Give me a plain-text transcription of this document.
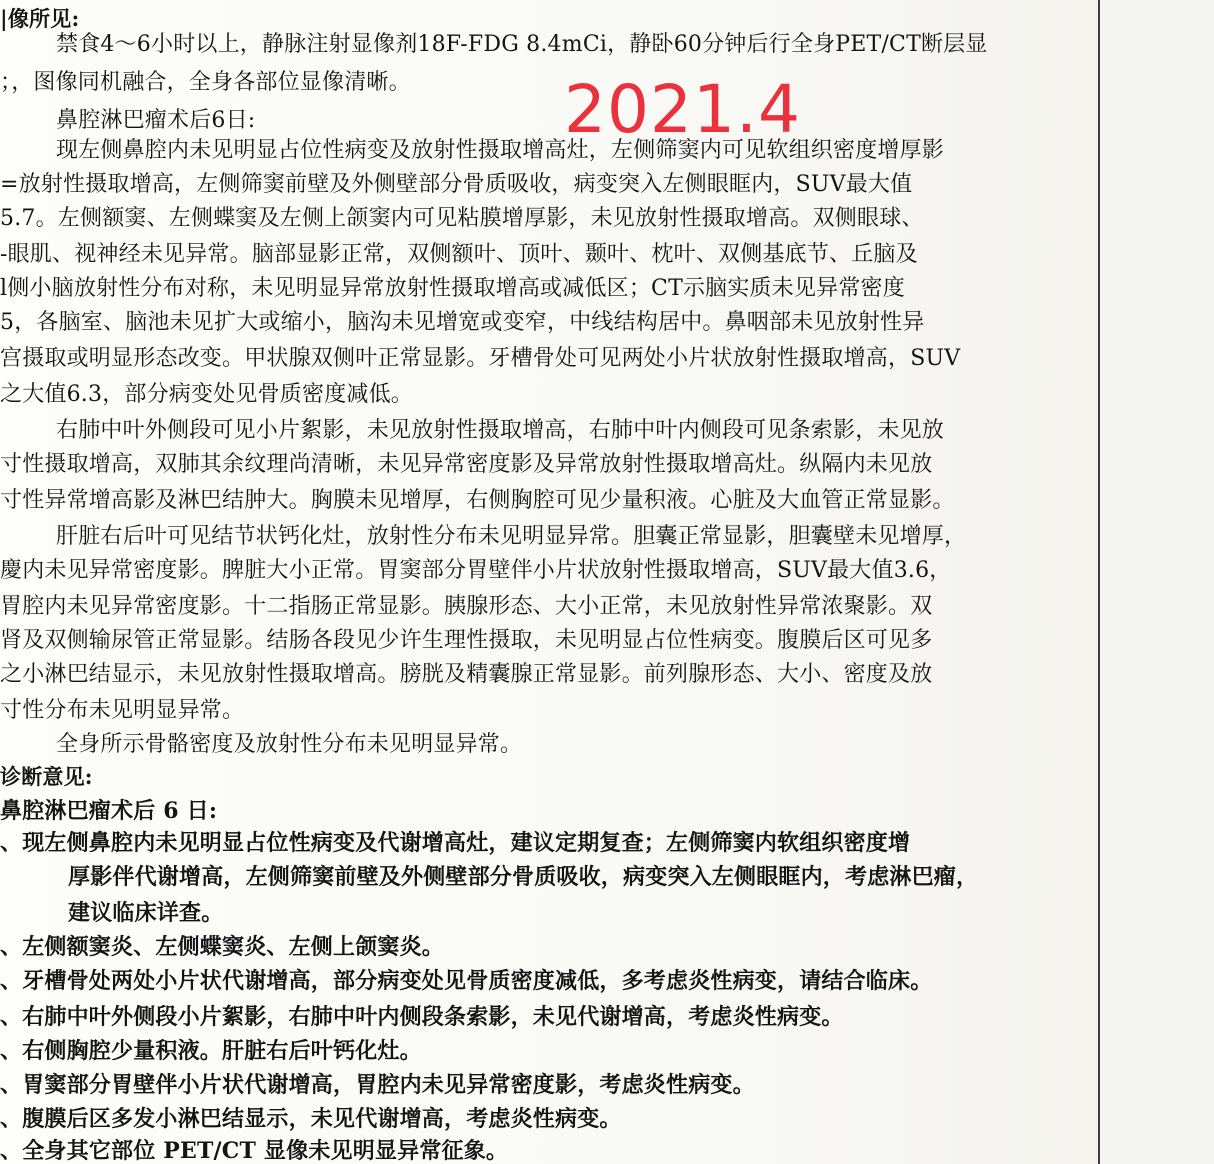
|像所见:
禁食4～6小时以上，静脉注射显像剂18F-FDG 8.4mCi，静卧60分钟后行全身PET/CT断层显
；，图像同机融合，全身各部位显像清晰。
鼻腔淋巴瘤术后6日:
现左侧鼻腔内未见明显占位性病变及放射性摄取增高灶，左侧筛窦内可见软组织密度增厚影
=放射性摄取增高，左侧筛窦前壁及外侧壁部分骨质吸收，病变突入左侧眼眶内，SUV最大值
5.7。左侧额窦、左侧蝶窦及左侧上颌窦内可见粘膜增厚影，未见放射性摄取增高。双侧眼球、
-眼肌、视神经未见异常。脑部显影正常，双侧额叶、顶叶、颞叶、枕叶、双侧基底节、丘脑及
l侧小脑放射性分布对称，未见明显异常放射性摄取增高或减低区；CT示脑实质未见异常密度
5，各脑室、脑池未见扩大或缩小，脑沟未见增宽或变窄，中线结构居中。鼻咽部未见放射性异
宫摄取或明显形态改变。甲状腺双侧叶正常显影。牙槽骨处可见两处小片状放射性摄取增高，SUV
之大值6.3，部分病变处见骨质密度减低。
右肺中叶外侧段可见小片絮影，未见放射性摄取增高，右肺中叶内侧段可见条索影，未见放
寸性摄取增高，双肺其余纹理尚清晰，未见异常密度影及异常放射性摄取增高灶。纵隔内未见放
寸性异常增高影及淋巴结肿大。胸膜未见增厚，右侧胸腔可见少量积液。心脏及大血管正常显影。
肝脏右后叶可见结节状钙化灶，放射性分布未见明显异常。胆囊正常显影，胆囊壁未见增厚，
慶内未见异常密度影。脾脏大小正常。胃窦部分胃壁伴小片状放射性摄取增高，SUV最大值3.6，
胃腔内未见异常密度影。十二指肠正常显影。胰腺形态、大小正常，未见放射性异常浓聚影。双
肾及双侧输尿管正常显影。结肠各段见少许生理性摄取，未见明显占位性病变。腹膜后区可见多
之小淋巴结显示，未见放射性摄取增高。膀胱及精囊腺正常显影。前列腺形态、大小、密度及放
寸性分布未见明显异常。
全身所示骨骼密度及放射性分布未见明显异常。
诊断意见:
鼻腔淋巴瘤术后 6 日:
、现左侧鼻腔内未见明显占位性病变及代谢增高灶，建议定期复查；左侧筛窦内软组织密度增
厚影伴代谢增高，左侧筛窦前壁及外侧壁部分骨质吸收，病变突入左侧眼眶内，考虑淋巴瘤，
建议临床详查。
、左侧额窦炎、左侧蝶窦炎、左侧上颌窦炎。
、牙槽骨处两处小片状代谢增高，部分病变处见骨质密度减低，多考虑炎性病变，请结合临床。
、右肺中叶外侧段小片絮影，右肺中叶内侧段条索影，未见代谢增高，考虑炎性病变。
、右侧胸腔少量积液。肝脏右后叶钙化灶。
、胃窦部分胃壁伴小片状代谢增高，胃腔内未见异常密度影，考虑炎性病变。
、腹膜后区多发小淋巴结显示，未见代谢增高，考虑炎性病变。
、全身其它部位 PET/CT 显像未见明显异常征象。
2021.4
